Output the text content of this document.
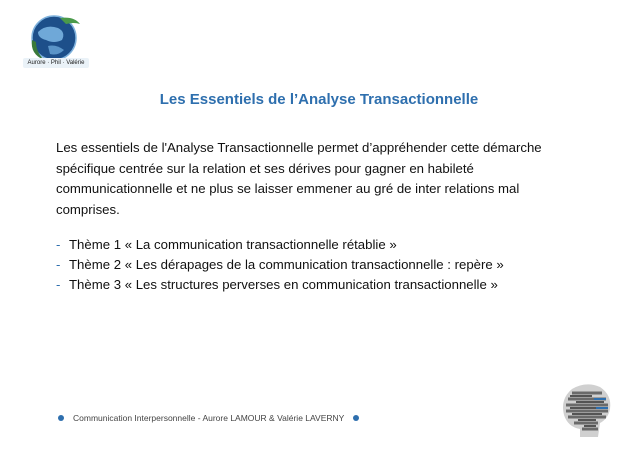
Aurore · Phil · Valérie
Les Essentiels de l’Analyse Transactionnelle

Les essentiels de l'Analyse Transactionnelle permet d’appréhender cette démarche spécifique centrée sur la relation et ses dérives pour gagner en habileté communicationnelle et ne plus se laisser emmener au gré de inter relations mal comprises.

- Thème 1 « La communication transactionnelle rétablie »
- Thème 2 « Les dérapages de la communication transactionnelle : repère »
- Thème 3 « Les structures perverses en communication transactionnelle »
Communication Interpersonnelle - Aurore LAMOUR & Valérie LAVERNY
